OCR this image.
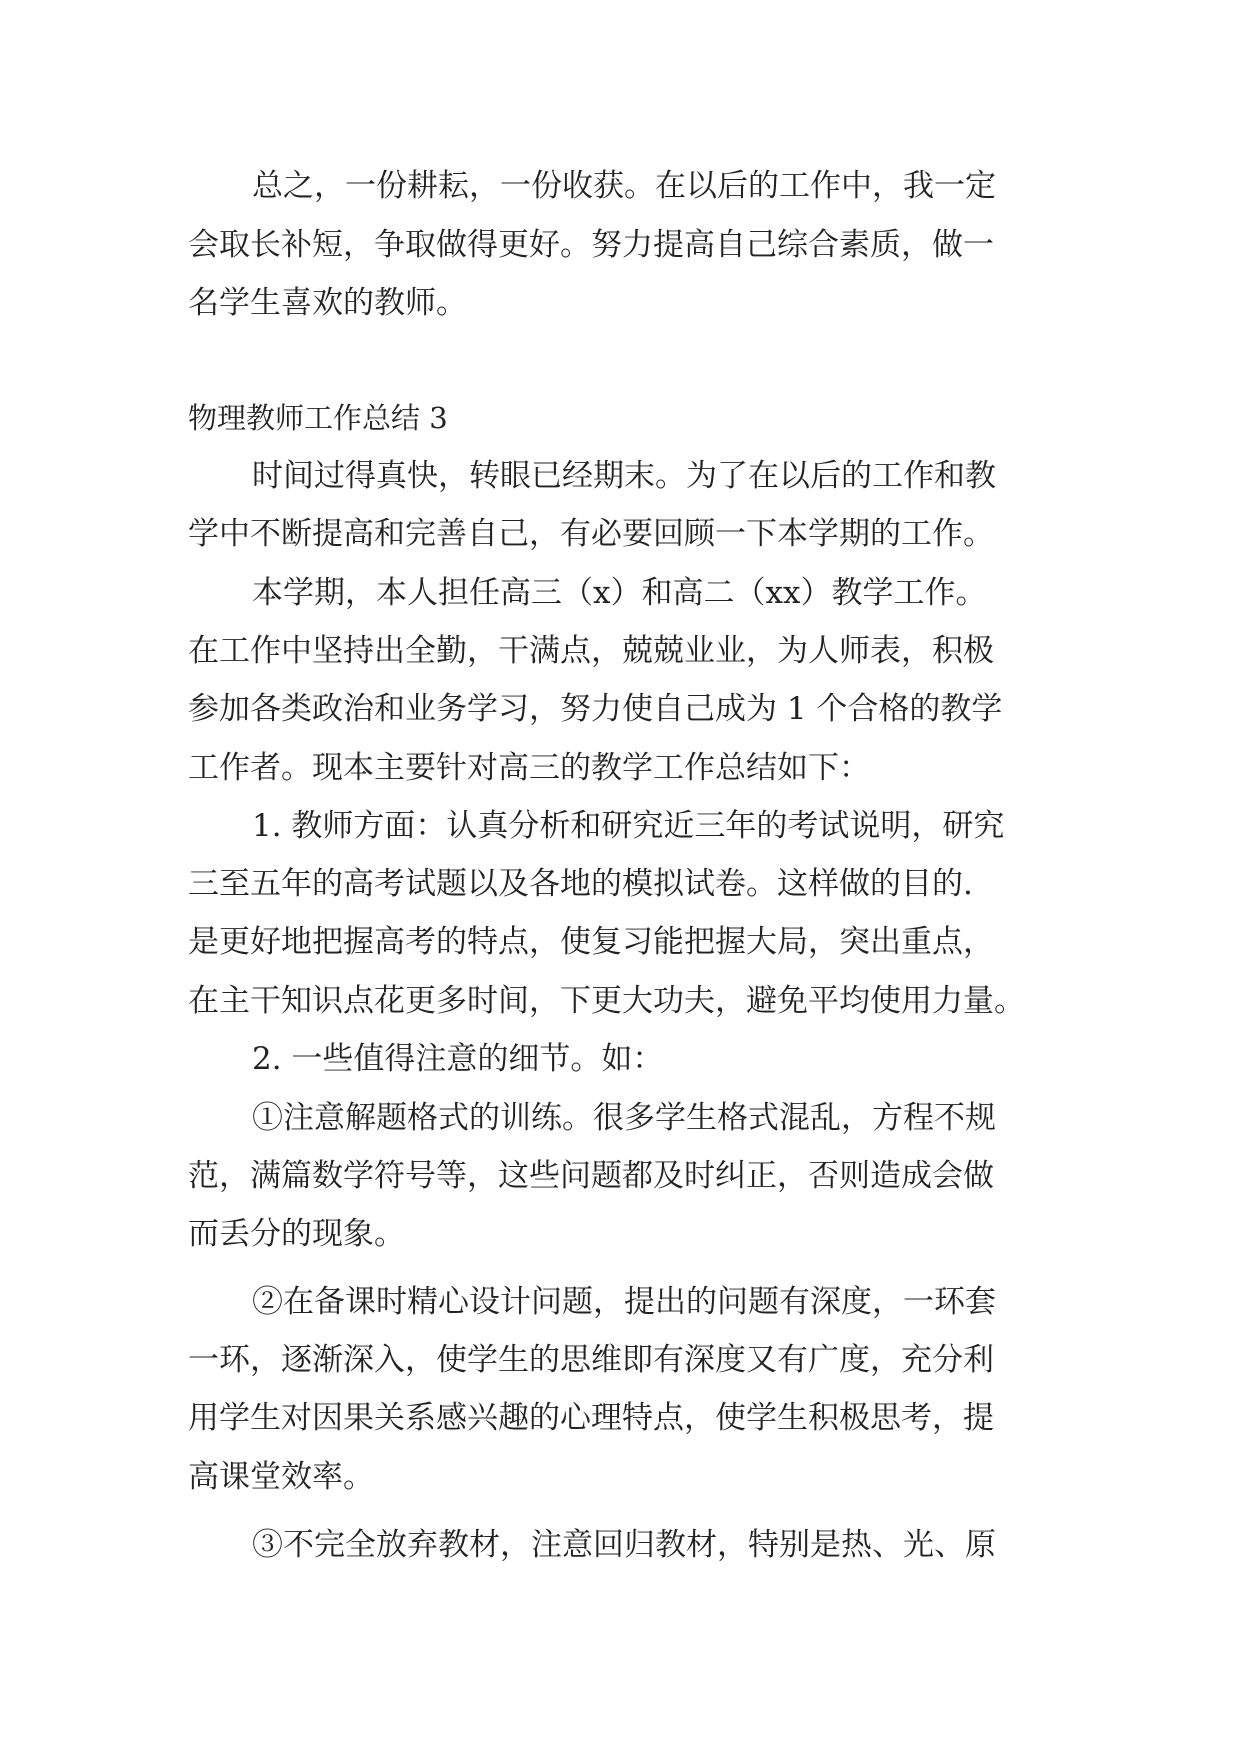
总之，一份耕耘，一份收获。在以后的工作中，我一定
会取长补短，争取做得更好。努力提高自己综合素质，做一
名学生喜欢的教师。
物理教师工作总结 3
时间过得真快，转眼已经期末。为了在以后的工作和教
学中不断提高和完善自己，有必要回顾一下本学期的工作。
本学期，本人担任高三（x）和高二（xx）教学工作。
在工作中坚持出全勤，干满点，兢兢业业，为人师表，积极
参加各类政治和业务学习，努力使自己成为 1 个合格的教学
工作者。现本主要针对高三的教学工作总结如下：
1. 教师方面：认真分析和研究近三年的考试说明，研究
三至五年的高考试题以及各地的模拟试卷。这样做的目的.
是更好地把握高考的特点，使复习能把握大局，突出重点，
在主干知识点花更多时间，下更大功夫，避免平均使用力量。
2. 一些值得注意的细节。如：
①注意解题格式的训练。很多学生格式混乱，方程不规
范，满篇数学符号等，这些问题都及时纠正，否则造成会做
而丢分的现象。
②在备课时精心设计问题，提出的问题有深度，一环套
一环，逐渐深入，使学生的思维即有深度又有广度，充分利
用学生对因果关系感兴趣的心理特点，使学生积极思考，提
高课堂效率。
③不完全放弃教材，注意回归教材，特别是热、光、原
